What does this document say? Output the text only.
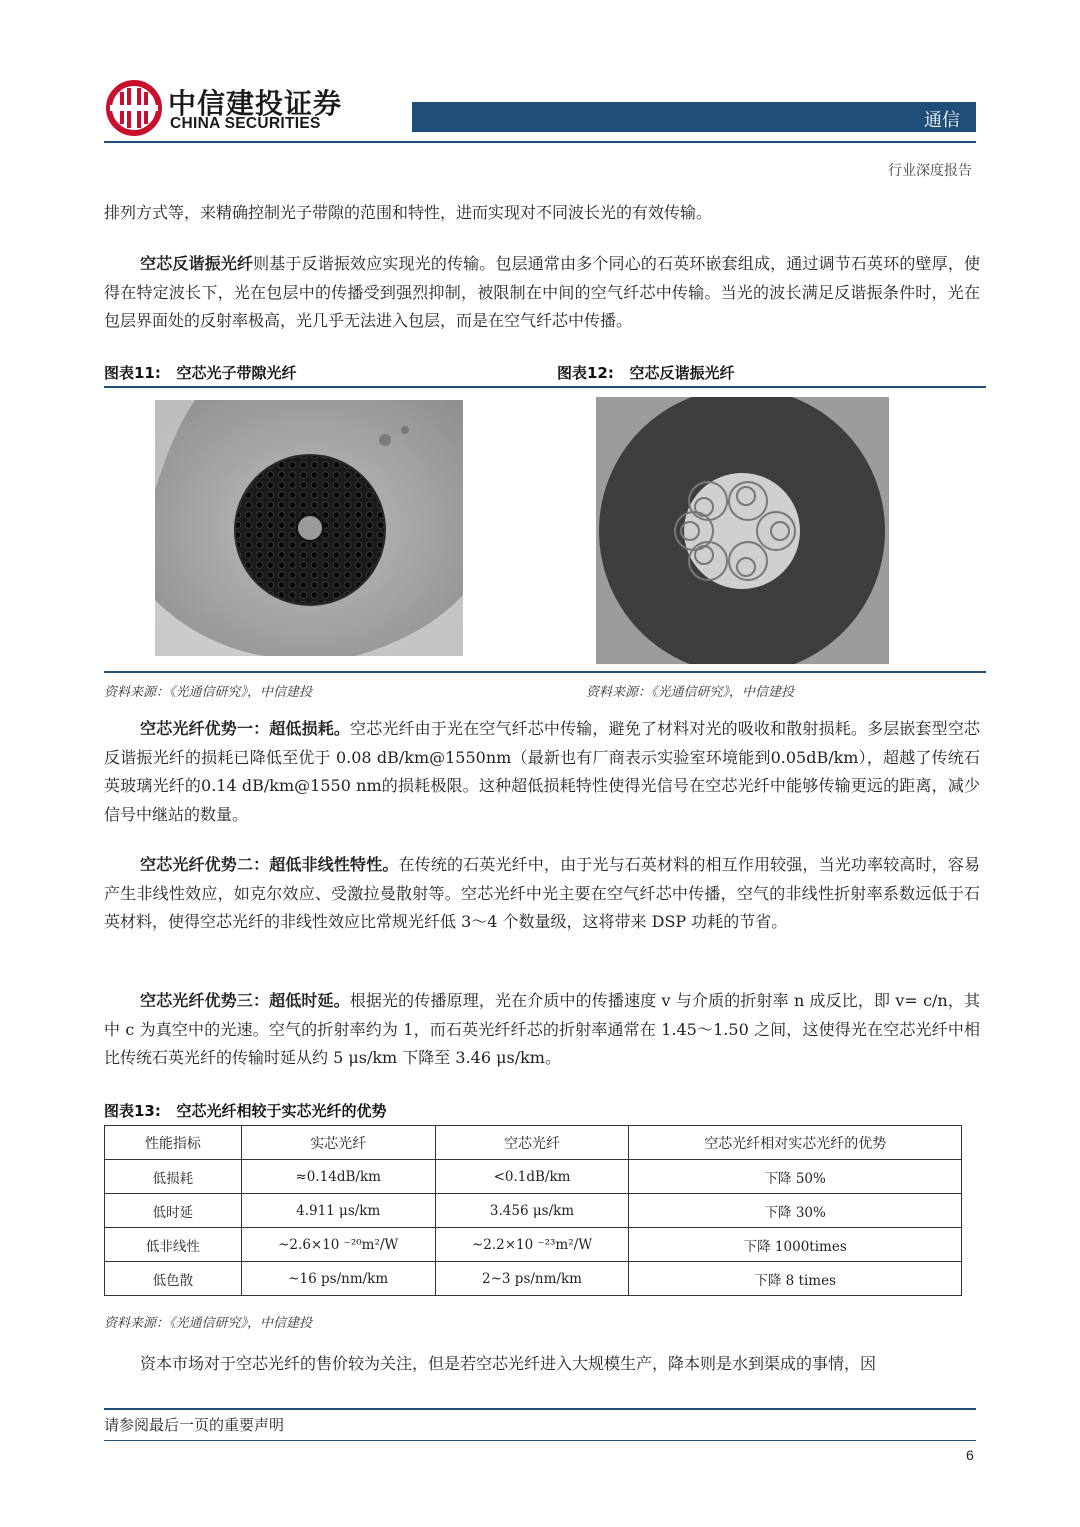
中信建投证券
CHINA SECURITIES	通信
行业深度报告
排列方式等，来精确控制光子带隙的范围和特性，进而实现对不同波长光的有效传输。
空芯反谐振光纤则基于反谐振效应实现光的传输。包层通常由多个同心的石英环嵌套组成，通过调节石英环的壁厚，使得在特定波长下，光在包层中的传播受到强烈抑制，被限制在中间的空气纤芯中传输。当光的波长满足反谐振条件时，光在包层界面处的反射率极高，光几乎无法进入包层，而是在空气纤芯中传播。
图表11:   空芯光子带隙光纤	图表12:   空芯反谐振光纤
资料来源：《光通信研究》，中信建投	资料来源：《光通信研究》，中信建投
空芯光纤优势一：超低损耗。空芯光纤由于光在空气纤芯中传输，避免了材料对光的吸收和散射损耗。多层嵌套型空芯反谐振光纤的损耗已降低至优于 0.08 dB/km@1550nm（最新也有厂商表示实验室环境能到0.05dB/km），超越了传统石英玻璃光纤的0.14 dB/km@1550 nm的损耗极限。这种超低损耗特性使得光信号在空芯光纤中能够传输更远的距离，减少信号中继站的数量。
空芯光纤优势二：超低非线性特性。在传统的石英光纤中，由于光与石英材料的相互作用较强，当光功率较高时，容易产生非线性效应，如克尔效应、受激拉曼散射等。空芯光纤中光主要在空气纤芯中传播，空气的非线性折射率系数远低于石英材料，使得空芯光纤的非线性效应比常规光纤低 3～4 个数量级，这将带来 DSP 功耗的节省。
空芯光纤优势三：超低时延。根据光的传播原理，光在介质中的传播速度 v 与介质的折射率 n 成反比，即 v= c/n，其中 c 为真空中的光速。空气的折射率约为 1，而石英光纤纤芯的折射率通常在 1.45～1.50 之间，这使得光在空芯光纤中相比传统石英光纤的传输时延从约 5 μs/km 下降至 3.46 μs/km。
图表13:   空芯光纤相较于实芯光纤的优势
性能指标	实芯光纤	空芯光纤	空芯光纤相对实芯光纤的优势
低损耗	≈0.14dB/km	<0.1dB/km	下降 50%
低时延	4.911 μs/km	3.456 μs/km	下降 30%
低非线性	~2.6×10 ⁻²⁰m²/W	~2.2×10 ⁻²³m²/W	下降 1000times
低色散	~16 ps/nm/km	2~3 ps/nm/km	下降 8 times
资料来源：《光通信研究》，中信建投
资本市场对于空芯光纤的售价较为关注，但是若空芯光纤进入大规模生产，降本则是水到渠成的事情，因
请参阅最后一页的重要声明
6
